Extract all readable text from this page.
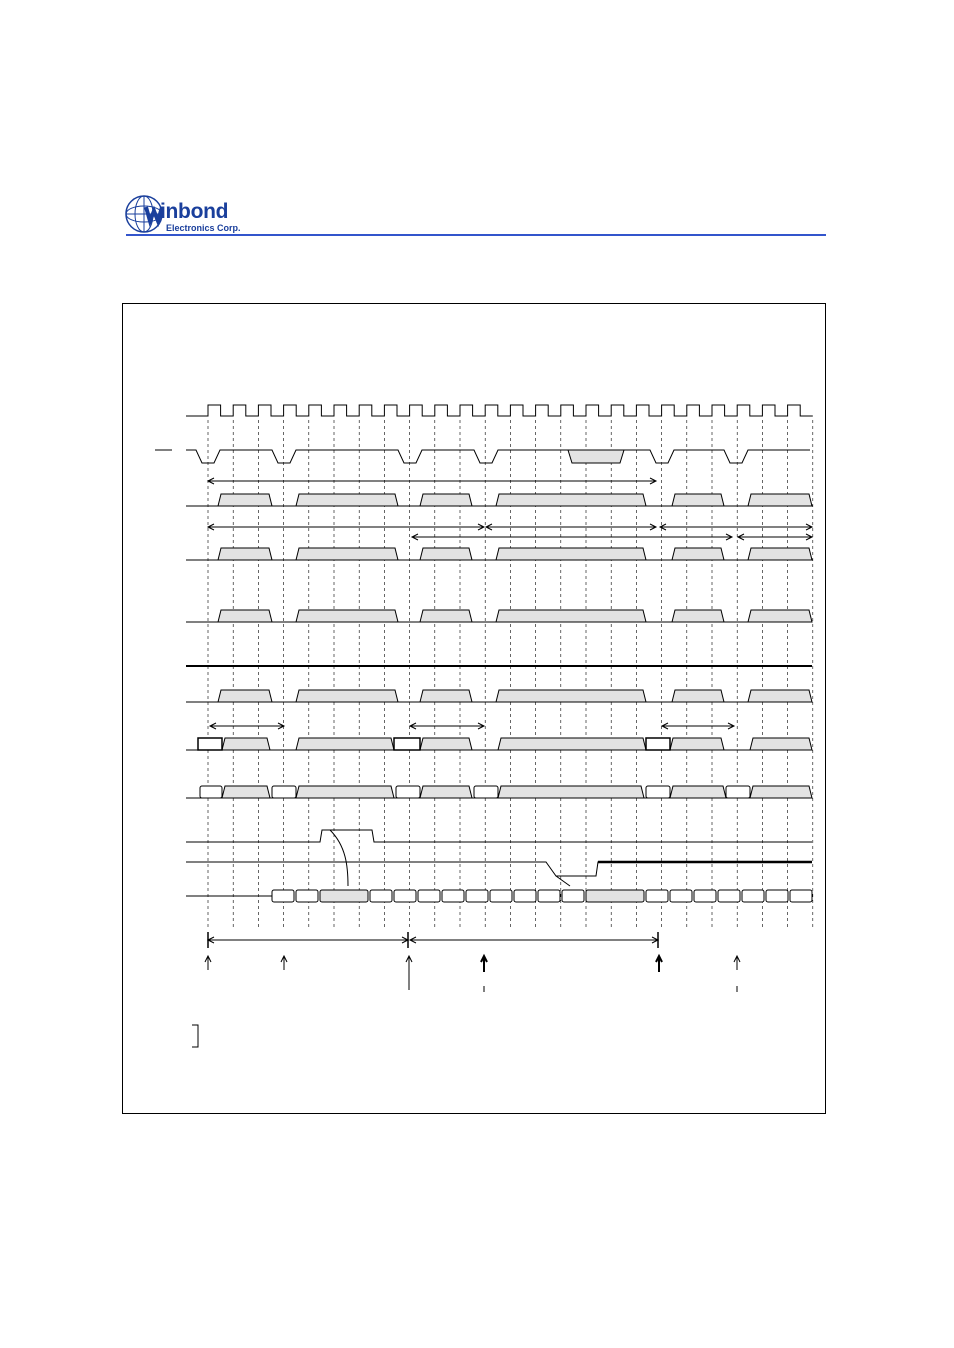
inbond
Electronics Corp.
